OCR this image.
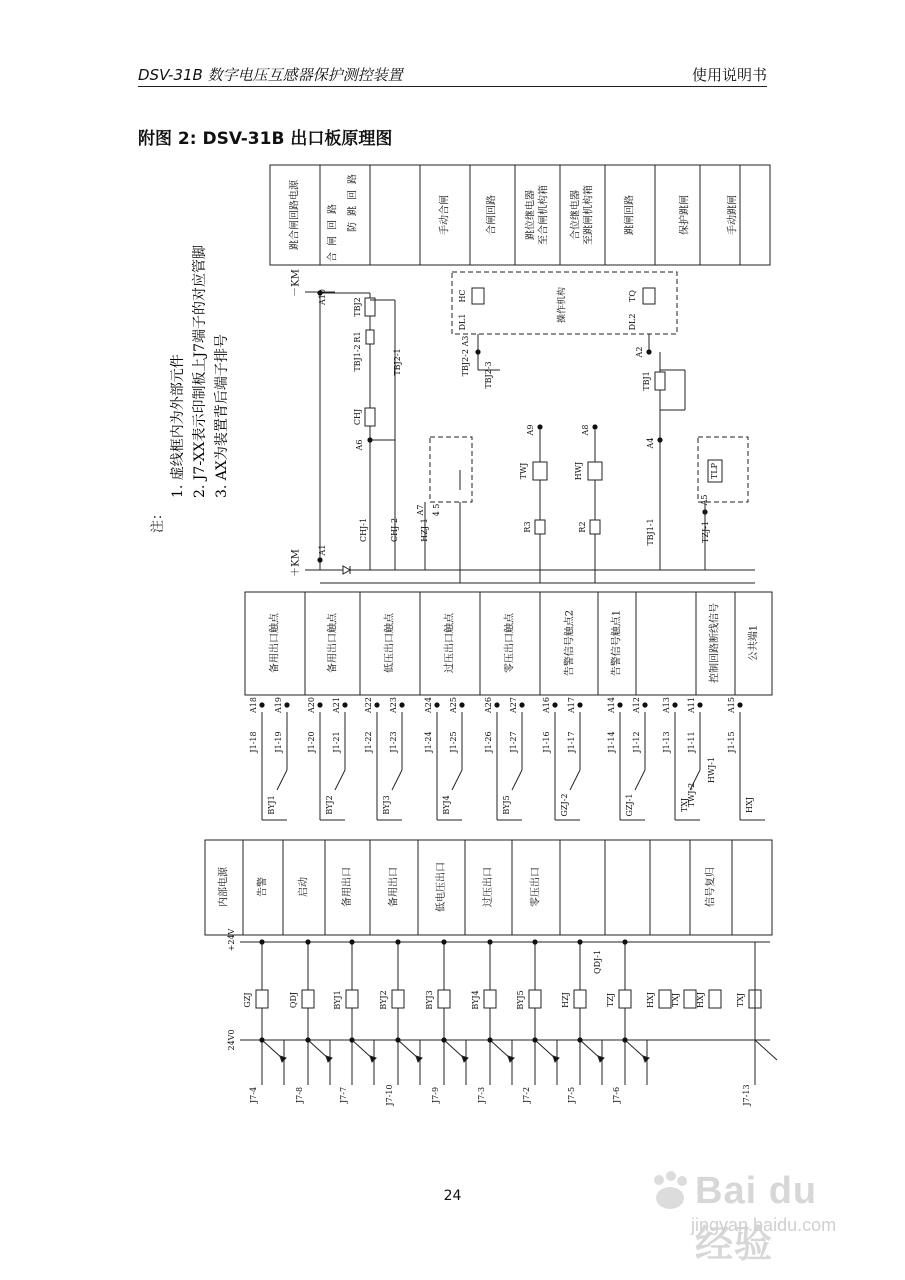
DSV-31B 数字电压互感器保护测控装置	使用说明书
附图 2: DSV-31B 出口板原理图
注：
1. 虚线框内为外部元件 2. J7-XX表示印制板上J7端子的对应管脚 3. AX为装置背后端子排号
跳合闸回路电源	合闸回路 防跳回路	手动合闸	合闸回路	跳位继电器 至合闸机构箱 合位继电器 至跳闸机构箱	跳闸回路	保护跳闸	手动跳闸
－KM
＋KM
A10
A1
TBJ2
R1
CHJ
TBJ1-2	TBJ2-1
A6
CHJ-1	CHJ-2	HZJ-1
4 5
A7
操作机构
HC
DL1
TQ
DL2
TBJ2-2 A3 TBJ2-3
A2
A9
TWJ
R3
A8
HWJ
R2
TBJ1
A4
TBJ1-1	TZJ-1
TLP
A5
备用出口触点	备用出口触点	低压出口触点	过压出口触点	零压出口触点	告警信号触点2	告警信号触点1	控制回路断线信号	公共端1
A18 A19
J1-18 J1-19
BYJ1
A20 A21
J1-20 J1-21
BYJ2
A22 A23
J1-22 J1-23
BYJ3
A24 A25
J1-24 J1-25
BYJ4
A26 A27
J1-26 J1-27
BYJ5
A16 A17
J1-16 J1-17
GZJ-2
A14 A12
J1-14 J1-12
GZJ-1
A13 A11
J1-13 J1-11
TXJ
A15
J1-15
HXJ
TWJ-2
HWJ-1
内部电源	告警	启动	备用出口	备用出口	低电压出口	过压出口	零压出口	信号复归
+24V
24V0
GZJ	QDJ	BYJ1	BYJ2	BYJ3	BYJ4	BYJ5	HZJ	TZJ	HXJ TXJ HXJ	TXJ
QDJ-1
J7-4	J7-8	J7-7	J7-10	J7-9	J7-3	J7-2	J7-5	J7-6	J7-13
24	Bai du 经验
jingyan.baidu.com
